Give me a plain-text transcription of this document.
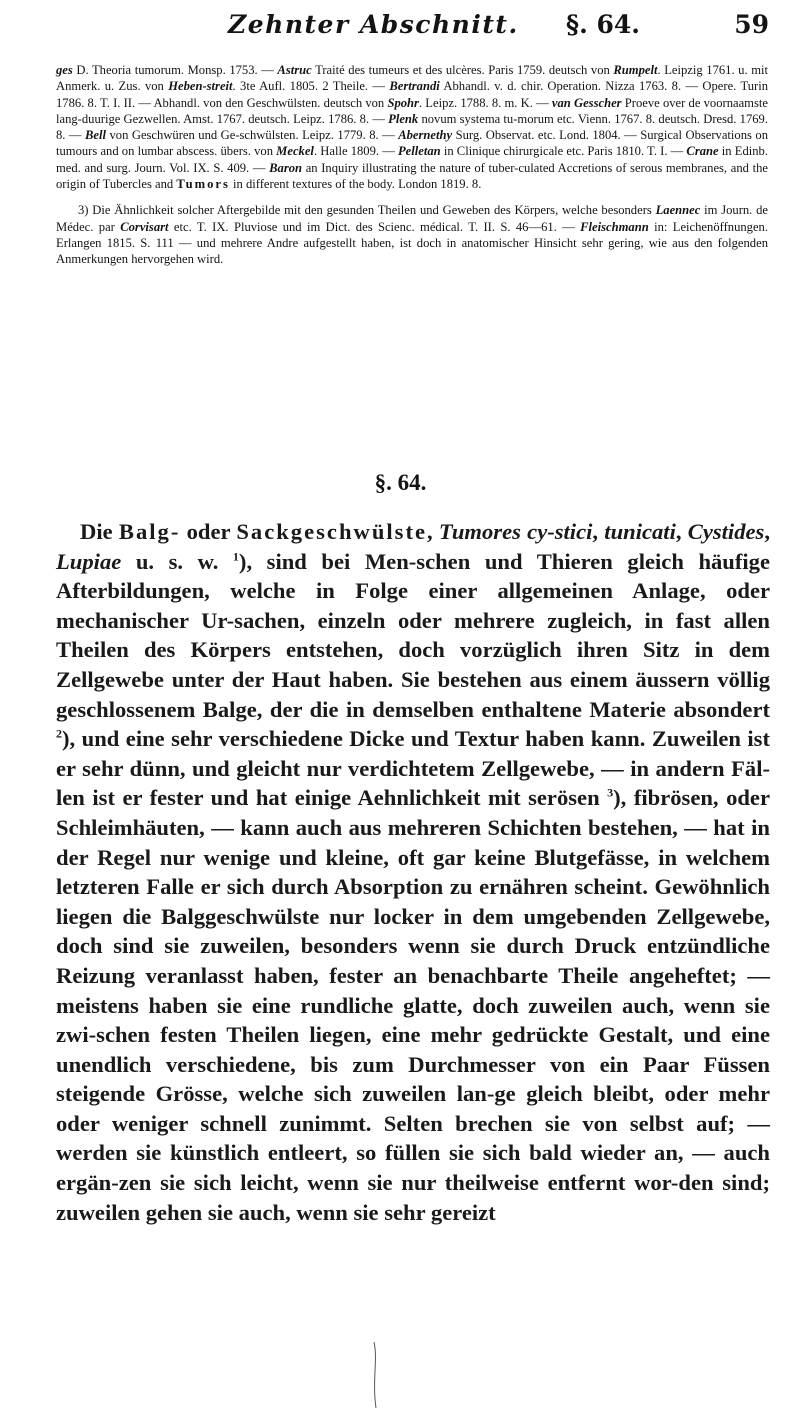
Zehnter Abschnitt. §. 64.	59

ges D. Theoria tumorum. Monsp. 1753. — Astruc Traité des tumeurs et des ulcères. Paris 1759. deutsch von Rumpelt. Leipzig 1761. u. mit Anmerk. u. Zus. von Heben-streit. 3te Aufl. 1805. 2 Theile. — Bertrandi Abhandl. v. d. chir. Operation. Nizza 1763. 8. — Opere. Turin 1786. 8. T. I. II. — Abhandl. von den Geschwülsten. deutsch von Spohr. Leipz. 1788. 8. m. K. — van Gesscher Proeve over de voornaamste lang-duurige Gezwellen. Amst. 1767. deutsch. Leipz. 1786. 8. — Plenk novum systema tu-morum etc. Vienn. 1767. 8. deutsch. Dresd. 1769. 8. — Bell von Geschwüren und Ge-schwülsten. Leipz. 1779. 8. — Abernethy Surg. Observat. etc. Lond. 1804. — Surgical Observations on tumours and on lumbar abscess. übers. von Meckel. Halle 1809. — Pelletan in Clinique chirurgicale etc. Paris 1810. T. I. — Crane in Edinb. med. and surg. Journ. Vol. IX. S. 409. — Baron an Inquiry illustrating the nature of tuber-culated Accretions of serous membranes, and the origin of Tubercles and Tumors in different textures of the body. London 1819. 8.

3) Die Ähnlichkeit solcher Aftergebilde mit den gesunden Theilen und Geweben des Körpers, welche besonders Laennec im Journ. de Médec. par Corvisart etc. T. IX. Pluviose und im Dict. des Scienc. médical. T. II. S. 46—61. — Fleischmann in: Leichenöffnungen. Erlangen 1815. S. 111 — und mehrere Andre aufgestellt haben, ist doch in anatomischer Hinsicht sehr gering, wie aus den folgenden Anmerkungen hervorgehen wird.

§. 64.

Die Balg- oder Sackgeschwülste, Tumores cy-stici, tunicati, Cystides, Lupiae u. s. w. $^1$), sind bei Men-schen und Thieren gleich häufige Afterbildungen, welche in Folge einer allgemeinen Anlage, oder mechanischer Ur-sachen, einzeln oder mehrere zugleich, in fast allen Theilen des Körpers entstehen, doch vorzüglich ihren Sitz in dem Zellgewebe unter der Haut haben. Sie bestehen aus einem äussern völlig geschlossenem Balge, der die in demselben enthaltene Materie absondert $^2$), und eine sehr verschiedene Dicke und Textur haben kann. Zuweilen ist er sehr dünn, und gleicht nur verdichtetem Zellgewebe, — in andern Fäl-len ist er fester und hat einige Aehnlichkeit mit serösen $^3$), fibrösen, oder Schleimhäuten, — kann auch aus mehreren Schichten bestehen, — hat in der Regel nur wenige und kleine, oft gar keine Blutgefässe, in welchem letzteren Falle er sich durch Absorption zu ernähren scheint. Gewöhnlich liegen die Balggeschwülste nur locker in dem umgebenden Zellgewebe, doch sind sie zuweilen, besonders wenn sie durch Druck entzündliche Reizung veranlasst haben, fester an benachbarte Theile angeheftet; — meistens haben sie eine rundliche glatte, doch zuweilen auch, wenn sie zwi-schen festen Theilen liegen, eine mehr gedrückte Gestalt, und eine unendlich verschiedene, bis zum Durchmesser von ein Paar Füssen steigende Grösse, welche sich zuweilen lan-ge gleich bleibt, oder mehr oder weniger schnell zunimmt. Selten brechen sie von selbst auf; — werden sie künstlich entleert, so füllen sie sich bald wieder an, — auch ergän-zen sie sich leicht, wenn sie nur theilweise entfernt wor-den sind; zuweilen gehen sie auch, wenn sie sehr gereizt
